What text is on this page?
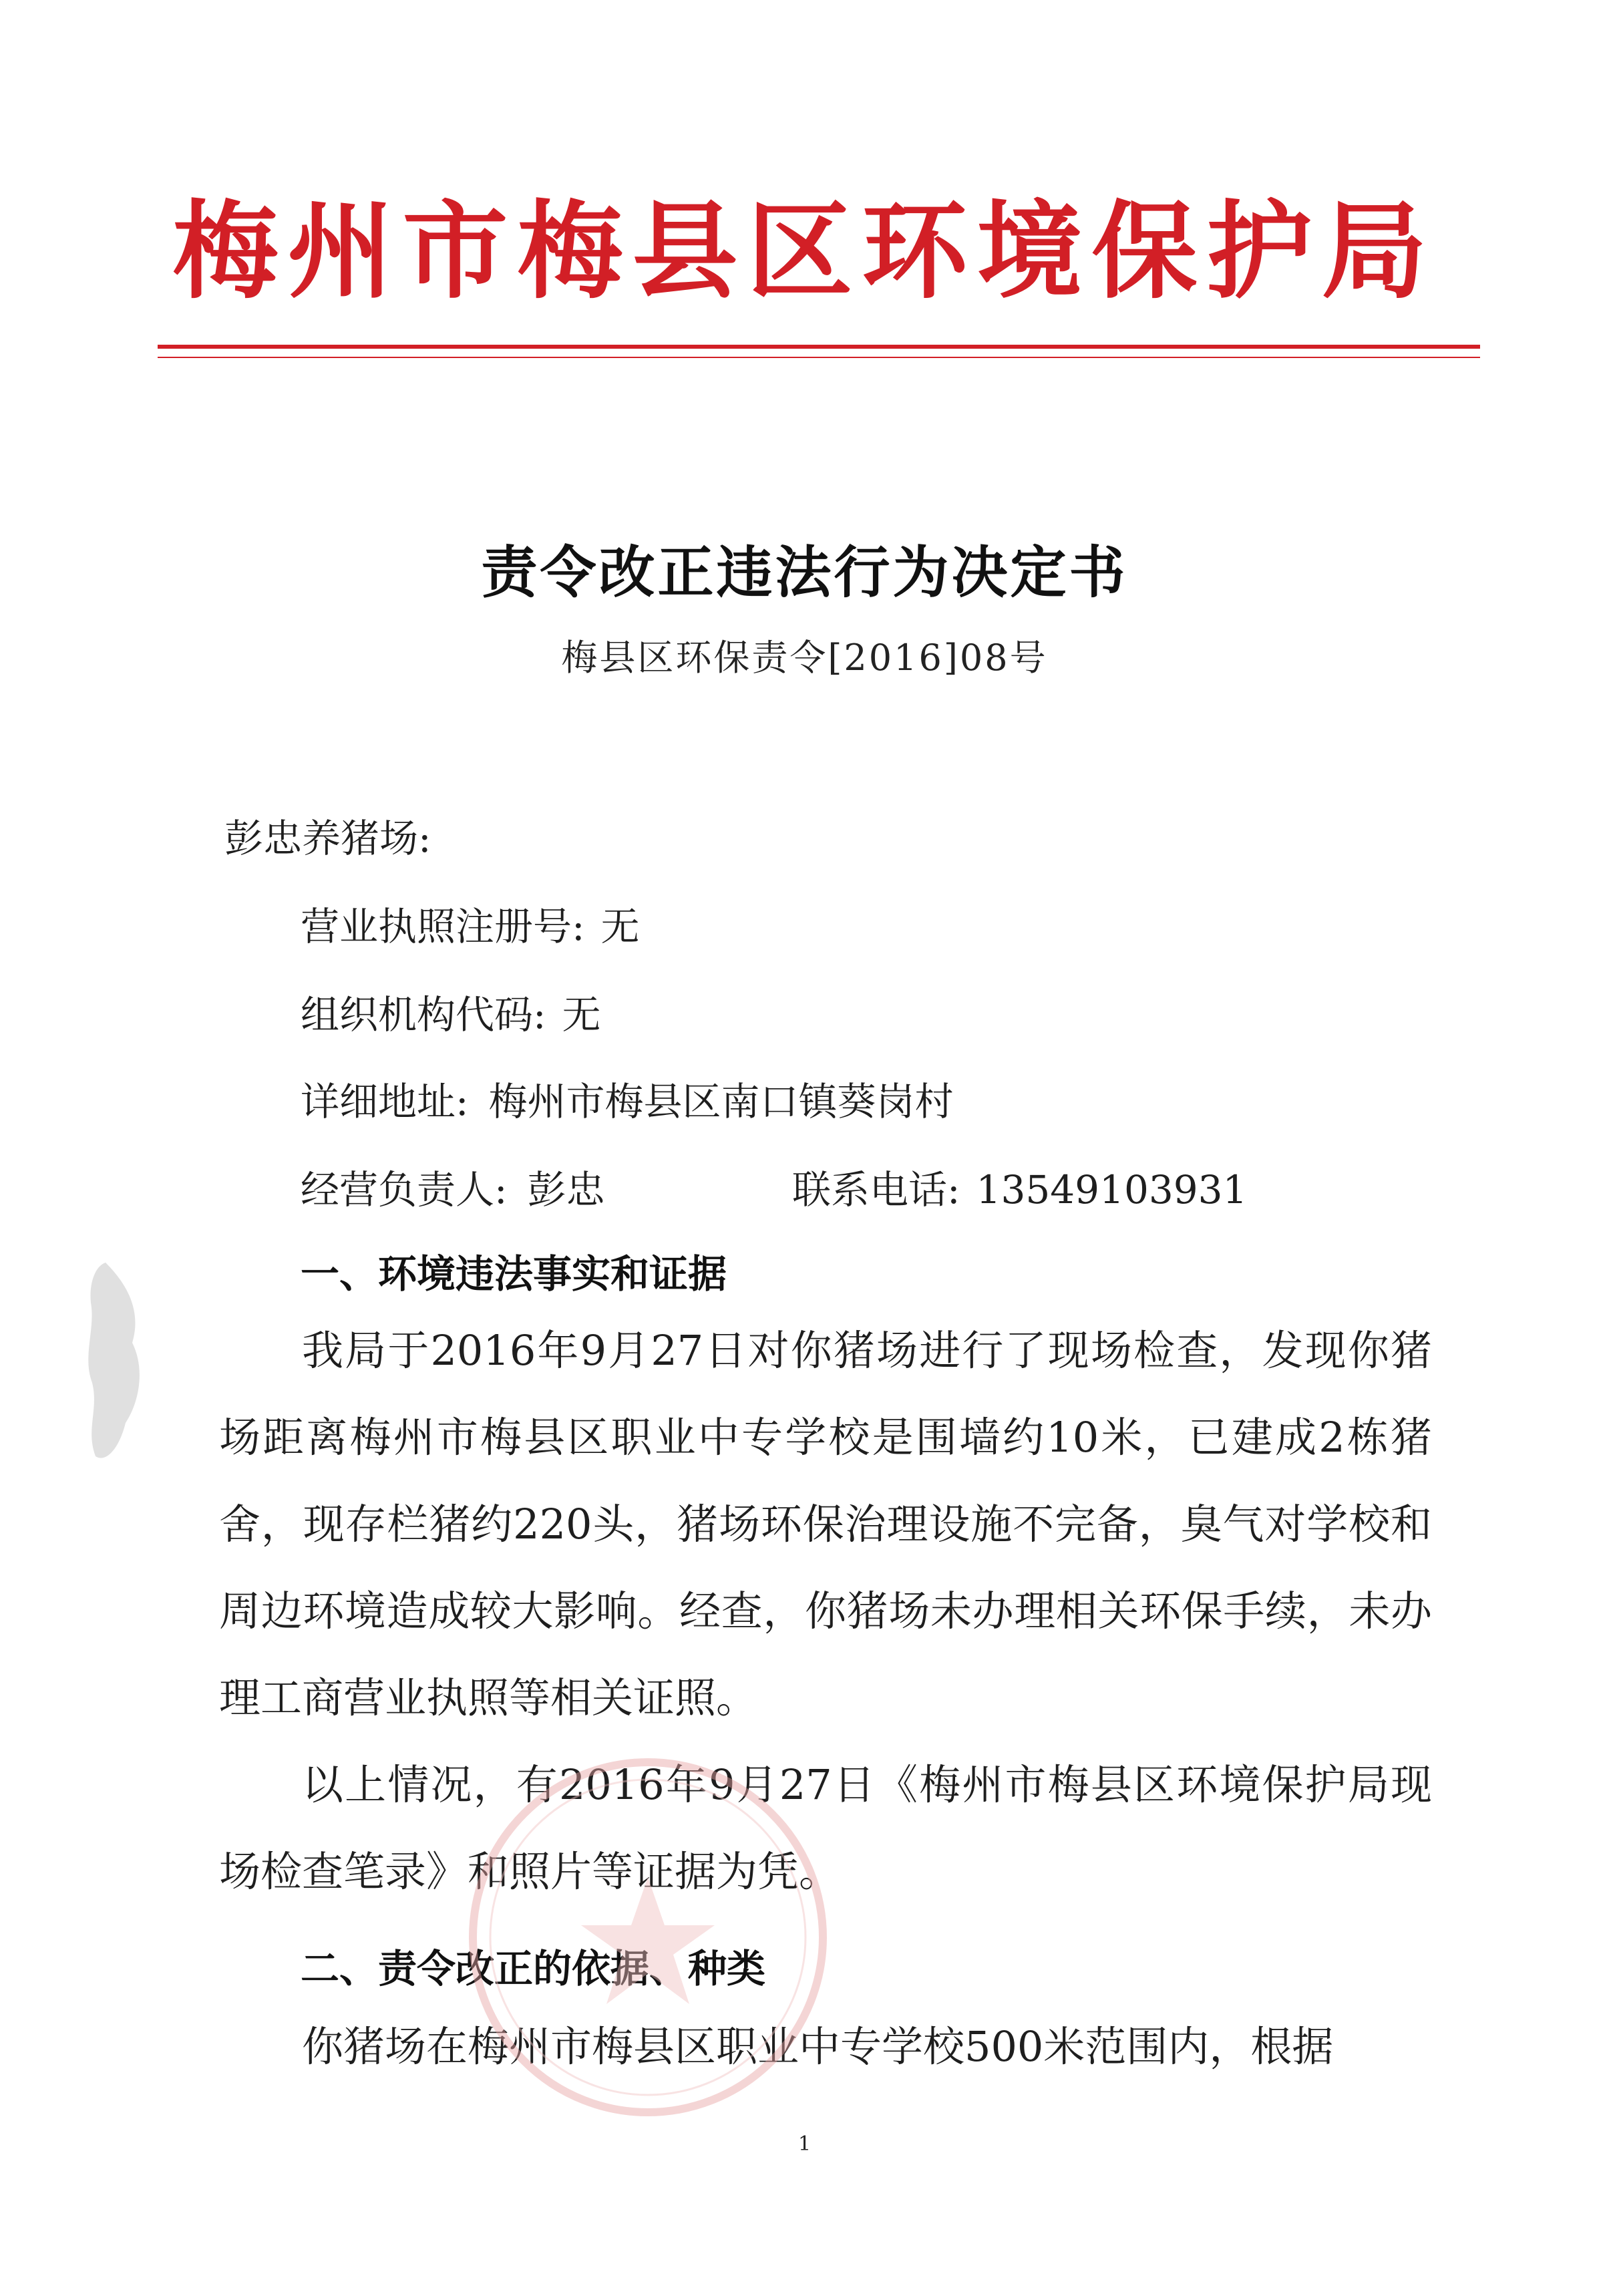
梅州市梅县区环境保护局
责令改正违法行为决定书
梅县区环保责令[2016]08号
彭忠养猪场:
营业执照注册号: 无
组织机构代码: 无
详细地址: 梅州市梅县区南口镇葵岗村
经营负责人: 彭忠	联系电话: 13549103931
一、环境违法事实和证据
我局于2016年9月27日对你猪场进行了现场检查，发现你猪场距离梅州市梅县区职业中专学校是围墙约10米，已建成2栋猪舍，现存栏猪约220头，猪场环保治理设施不完备，臭气对学校和周边环境造成较大影响。经查，你猪场未办理相关环保手续，未办理工商营业执照等相关证照。
以上情况，有2016年9月27日《梅州市梅县区环境保护局现场检查笔录》和照片等证据为凭。
二、责令改正的依据、种类
你猪场在梅州市梅县区职业中专学校500米范围内，根据
1
